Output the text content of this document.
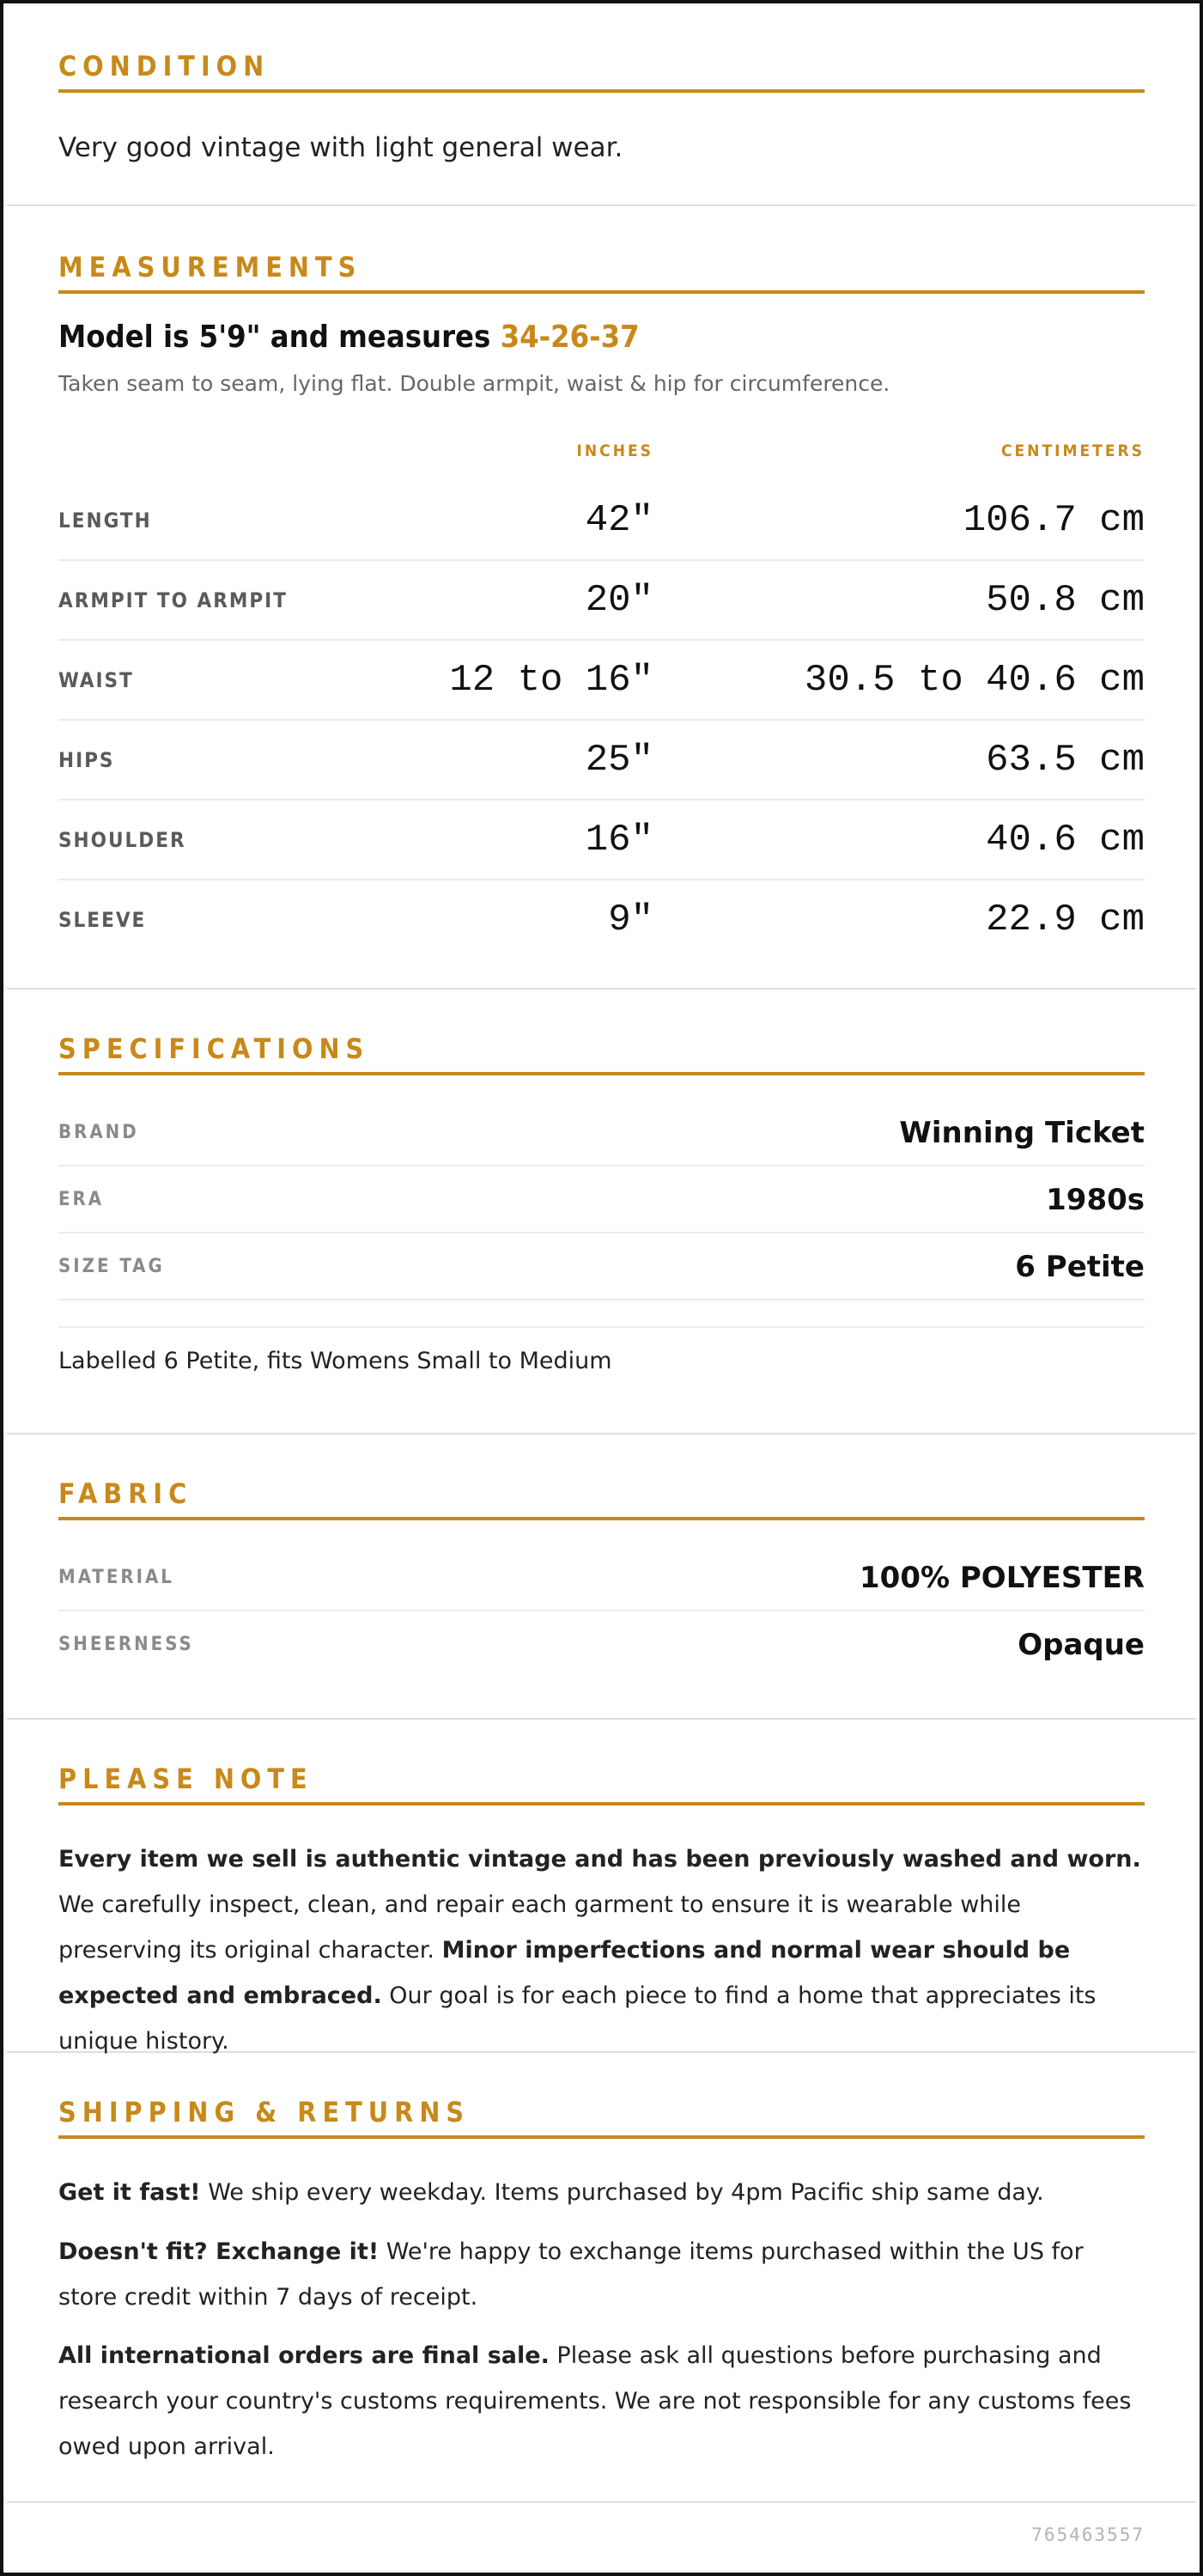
CONDITION
Very good vintage with light general wear.
MEASUREMENTS
Model is 5'9" and measures 34-26-37
Taken seam to seam, lying flat. Double armpit, waist & hip for circumference.
INCHES	CENTIMETERS
LENGTH	42"	106.7 cm
ARMPIT TO ARMPIT	20"	50.8 cm
WAIST	12 to 16"	30.5 to 40.6 cm
HIPS	25"	63.5 cm
SHOULDER	16"	40.6 cm
SLEEVE	9"	22.9 cm
SPECIFICATIONS
BRAND	Winning Ticket
ERA	1980s
SIZE TAG	6 Petite
Labelled 6 Petite, fits Womens Small to Medium
FABRIC
MATERIAL	100% POLYESTER
SHEERNESS	Opaque
PLEASE NOTE
Every item we sell is authentic vintage and has been previously washed and worn. We carefully inspect, clean, and repair each garment to ensure it is wearable while preserving its original character. Minor imperfections and normal wear should be expected and embraced. Our goal is for each piece to find a home that appreciates its unique history.
SHIPPING & RETURNS
Get it fast! We ship every weekday. Items purchased by 4pm Pacific ship same day.
Doesn't fit? Exchange it! We're happy to exchange items purchased within the US for store credit within 7 days of receipt.
All international orders are final sale. Please ask all questions before purchasing and research your country's customs requirements. We are not responsible for any customs fees owed upon arrival.
765463557
